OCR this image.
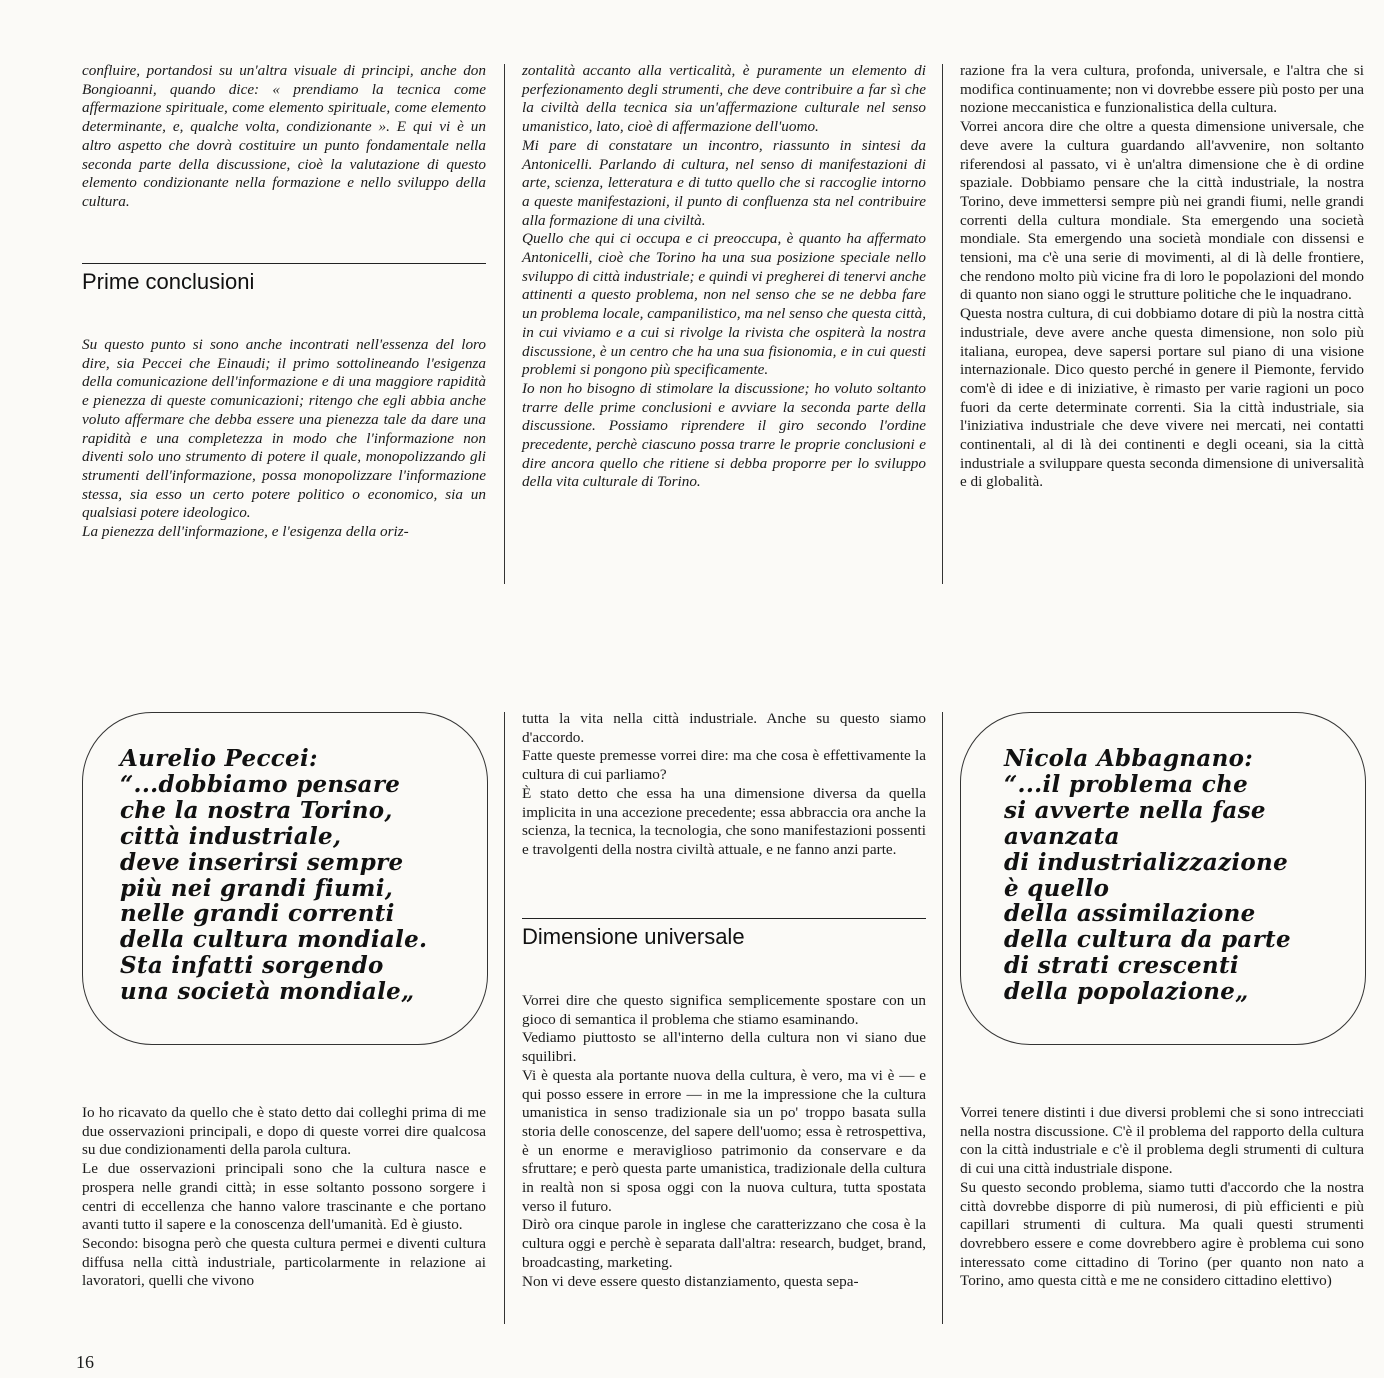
confluire, portandosi su un'altra visuale di principi, anche don Bongioanni, quando dice: « prendiamo la tecnica come affermazione spirituale, come elemento spirituale, come elemento determinante, e, qualche volta, condizionante ». E qui vi è un altro aspetto che dovrà costituire un punto fondamentale nella seconda parte della discussione, cioè la valutazione di questo elemento condizionante nella formazione e nello sviluppo della cultura.

Prime conclusioni

Su questo punto si sono anche incontrati nell'essenza del loro dire, sia Peccei che Einaudi; il primo sottolineando l'esigenza della comunicazione dell'informazione e di una maggiore rapidità e pienezza di queste comunicazioni; ritengo che egli abbia anche voluto affermare che debba essere una pienezza tale da dare una rapidità e una completezza in modo che l'informazione non diventi solo uno strumento di potere il quale, monopolizzando gli strumenti dell'informazione, possa monopolizzare l'informazione stessa, sia esso un certo potere politico o economico, sia un qualsiasi potere ideologico.

La pienezza dell'informazione, e l'esigenza della oriz-

zontalità accanto alla verticalità, è puramente un elemento di perfezionamento degli strumenti, che deve contribuire a far sì che la civiltà della tecnica sia un'affermazione culturale nel senso umanistico, lato, cioè di affermazione dell'uomo.

Mi pare di constatare un incontro, riassunto in sintesi da Antonicelli. Parlando di cultura, nel senso di manifestazioni di arte, scienza, letteratura e di tutto quello che si raccoglie intorno a queste manifestazioni, il punto di confluenza sta nel contribuire alla formazione di una civiltà.

Quello che qui ci occupa e ci preoccupa, è quanto ha affermato Antonicelli, cioè che Torino ha una sua posizione speciale nello sviluppo di città industriale; e quindi vi pregherei di tenervi anche attinenti a questo problema, non nel senso che se ne debba fare un problema locale, campanilistico, ma nel senso che questa città, in cui viviamo e a cui si rivolge la rivista che ospiterà la nostra discussione, è un centro che ha una sua fisionomia, e in cui questi problemi si pongono più specificamente.

Io non ho bisogno di stimolare la discussione; ho voluto soltanto trarre delle prime conclusioni e avviare la seconda parte della discussione. Possiamo riprendere il giro secondo l'ordine precedente, perchè ciascuno possa trarre le proprie conclusioni e dire ancora quello che ritiene si debba proporre per lo sviluppo della vita culturale di Torino.

razione fra la vera cultura, profonda, universale, e l'altra che si modifica continuamente; non vi dovrebbe essere più posto per una nozione meccanistica e funzionalistica della cultura.

Vorrei ancora dire che oltre a questa dimensione universale, che deve avere la cultura guardando all'avvenire, non soltanto riferendosi al passato, vi è un'altra dimensione che è di ordine spaziale. Dobbiamo pensare che la città industriale, la nostra Torino, deve immettersi sempre più nei grandi fiumi, nelle grandi correnti della cultura mondiale. Sta emergendo una società mondiale. Sta emergendo una società mondiale con dissensi e tensioni, ma c'è una serie di movimenti, al di là delle frontiere, che rendono molto più vicine fra di loro le popolazioni del mondo di quanto non siano oggi le strutture politiche che le inquadrano.

Questa nostra cultura, di cui dobbiamo dotare di più la nostra città industriale, deve avere anche questa dimensione, non solo più italiana, europea, deve sapersi portare sul piano di una visione internazionale. Dico questo perché in genere il Piemonte, fervido com'è di idee e di iniziative, è rimasto per varie ragioni un poco fuori da certe determinate correnti. Sia la città industriale, sia l'iniziativa industriale che deve vivere nei mercati, nei contatti continentali, al di là dei continenti e degli oceani, sia la città industriale a sviluppare questa seconda dimensione di universalità e di globalità.

Aurelio Peccei:
“...dobbiamo pensare
che la nostra Torino,
città industriale,
deve inserirsi sempre
più nei grandi fiumi,
nelle grandi correnti
della cultura mondiale.
Sta infatti sorgendo
una società mondiale„
Nicola Abbagnano:
“...il problema che
si avverte nella fase
avanzata
di industrializzazione
è quello
della assimilazione
della cultura da parte
di strati crescenti
della popolazione„

Io ho ricavato da quello che è stato detto dai colleghi prima di me due osservazioni principali, e dopo di queste vorrei dire qualcosa su due condizionamenti della parola cultura.

Le due osservazioni principali sono che la cultura nasce e prospera nelle grandi città; in esse soltanto possono sorgere i centri di eccellenza che hanno valore trascinante e che portano avanti tutto il sapere e la conoscenza dell'umanità. Ed è giusto.

Secondo: bisogna però che questa cultura permei e diventi cultura diffusa nella città industriale, particolarmente in relazione ai lavoratori, quelli che vivono

tutta la vita nella città industriale. Anche su questo siamo d'accordo.

Fatte queste premesse vorrei dire: ma che cosa è effettivamente la cultura di cui parliamo?

È stato detto che essa ha una dimensione diversa da quella implicita in una accezione precedente; essa abbraccia ora anche la scienza, la tecnica, la tecnologia, che sono manifestazioni possenti e travolgenti della nostra civiltà attuale, e ne fanno anzi parte.

Dimensione universale

Vorrei dire che questo significa semplicemente spostare con un gioco di semantica il problema che stiamo esaminando.

Vediamo piuttosto se all'interno della cultura non vi siano due squilibri.

Vi è questa ala portante nuova della cultura, è vero, ma vi è — e qui posso essere in errore — in me la impressione che la cultura umanistica in senso tradizionale sia un po' troppo basata sulla storia delle conoscenze, del sapere dell'uomo; essa è retrospettiva, è un enorme e meraviglioso patrimonio da conservare e da sfruttare; e però questa parte umanistica, tradizionale della cultura in realtà non si sposa oggi con la nuova cultura, tutta spostata verso il futuro.

Dirò ora cinque parole in inglese che caratterizzano che cosa è la cultura oggi e perchè è separata dall'altra: research, budget, brand, broadcasting, marketing.

Non vi deve essere questo distanziamento, questa sepa-

Vorrei tenere distinti i due diversi problemi che si sono intrecciati nella nostra discussione. C'è il problema del rapporto della cultura con la città industriale e c'è il problema degli strumenti di cultura di cui una città industriale dispone.

Su questo secondo problema, siamo tutti d'accordo che la nostra città dovrebbe disporre di più numerosi, di più efficienti e più capillari strumenti di cultura. Ma quali questi strumenti dovrebbero essere e come dovrebbero agire è problema cui sono interessato come cittadino di Torino (per quanto non nato a Torino, amo questa città e me ne considero cittadino elettivo)

16
